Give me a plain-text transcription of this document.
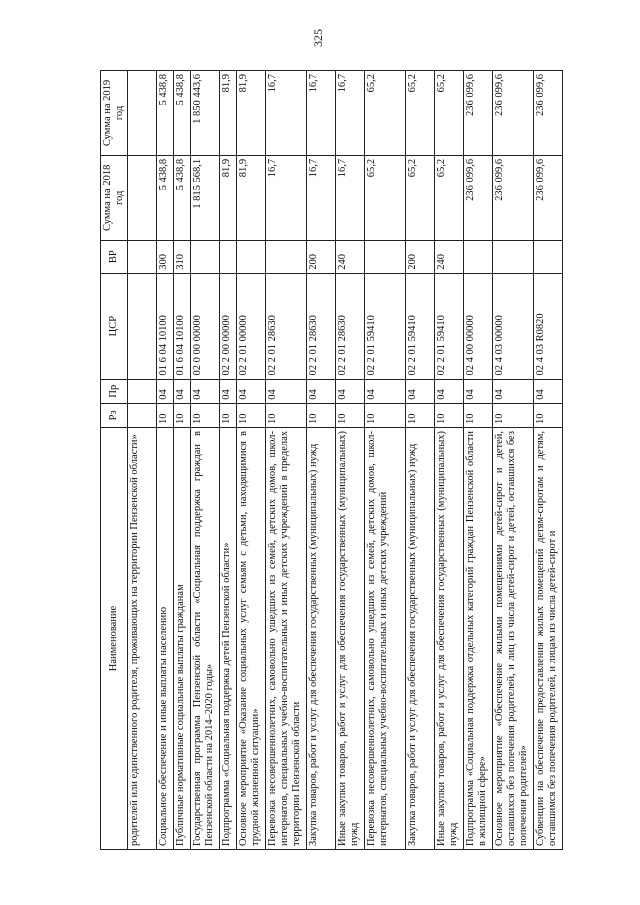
325
Наименование	Рз	Пр	ЦСР	ВР	Сумма на 2018 год	Сумма на 2019 год
родителей или единственного родителя, проживающих на территории Пензенской области»						
Социальное обеспечение и иные выплаты населению	10	04	01 6 04 10100	300	5 438,8	5 438,8
Публичные нормативные социальные выплаты гражданам	10	04	01 6 04 10100	310	5 438,8	5 438,8
Государственная программа Пензенской области «Социальная поддержка граждан в Пензенской области на 2014–2020 годы»	10	04	02 0 00 00000		1 815 568,1	1 850 443,6
Подпрограмма «Социальная поддержка детей Пензенской области»	10	04	02 2 00 00000		81,9	81,9
Основное мероприятие «Оказание социальных услуг семьям с детьми, находящимися в трудной жизненной ситуации»	10	04	02 2 01 00000		81,9	81,9
Перевозка несовершеннолетних, самовольно ушедших из семей, детских домов, школ-интернатов, специальных учебно-воспитательных и иных детских учреждений в пределах территории Пензенской области	10	04	02 2 01 28630		16,7	16,7
Закупка товаров, работ и услуг для обеспечения государственных (муниципальных) нужд	10	04	02 2 01 28630	200	16,7	16,7
Иные закупки товаров, работ и услуг для обеспечения государственных (муниципальных) нужд	10	04	02 2 01 28630	240	16,7	16,7
Перевозка несовершеннолетних, самовольно ушедших из семей, детских домов, школ-интернатов, специальных учебно-воспитательных и иных детских учреждений	10	04	02 2 01 59410		65,2	65,2
Закупка товаров, работ и услуг для обеспечения государственных (муниципальных) нужд	10	04	02 2 01 59410	200	65,2	65,2
Иные закупки товаров, работ и услуг для обеспечения государственных (муниципальных) нужд	10	04	02 2 01 59410	240	65,2	65,2
Подпрограмма «Социальная поддержка отдельных категорий граждан Пензенской области в жилищной сфере»	10	04	02 4 00 00000		236 099,6	236 099,6
Основное мероприятие «Обеспечение жилыми помещениями детей-сирот и детей, оставшихся без попечения родителей, и лиц из числа детей-сирот и детей, оставшихся без попечения родителей»	10	04	02 4 03 00000		236 099,6	236 099,6
Субвенции на обеспечение предоставления жилых помещений детям-сиротам и детям, оставшимся без попечения родителей, и лицам из числа детей-сирот и	10	04	02 4 03 R0820		236 099,6	236 099,6
